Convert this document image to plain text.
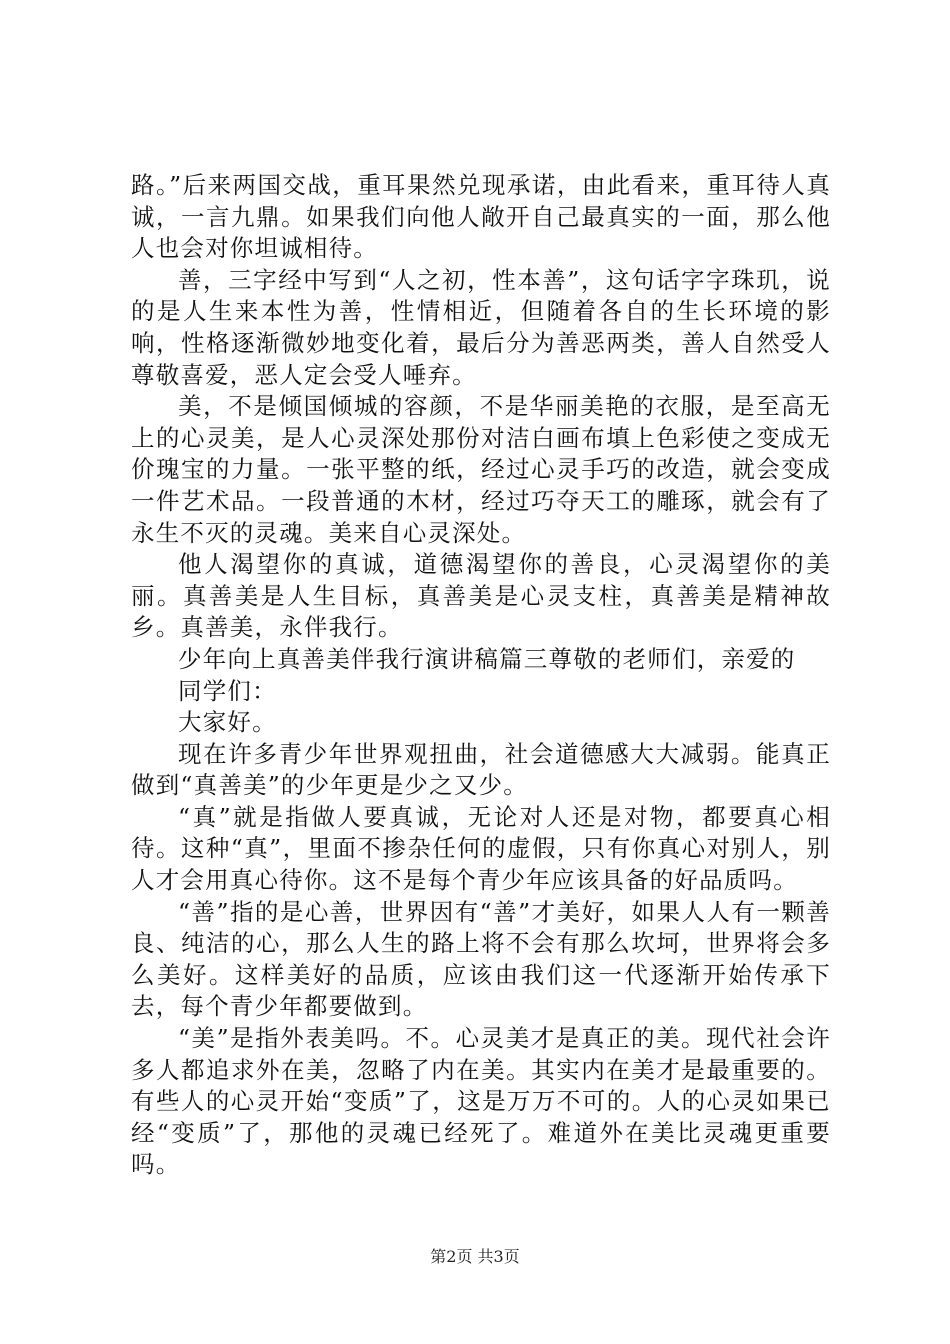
路。”后来两国交战，重耳果然兑现承诺，由此看来，重耳待人真诚，一言九鼎。如果我们向他人敞开自己最真实的一面，那么他人也会对你坦诚相待。

善，三字经中写到“人之初，性本善”，这句话字字珠玑，说的是人生来本性为善，性情相近，但随着各自的生长环境的影响，性格逐渐微妙地变化着，最后分为善恶两类，善人自然受人尊敬喜爱，恶人定会受人唾弃。

美，不是倾国倾城的容颜，不是华丽美艳的衣服，是至高无上的心灵美，是人心灵深处那份对洁白画布填上色彩使之变成无价瑰宝的力量。一张平整的纸，经过心灵手巧的改造，就会变成一件艺术品。一段普通的木材，经过巧夺天工的雕琢，就会有了永生不灭的灵魂。美来自心灵深处。

他人渴望你的真诚，道德渴望你的善良，心灵渴望你的美丽。真善美是人生目标，真善美是心灵支柱，真善美是精神故乡。真善美，永伴我行。

少年向上真善美伴我行演讲稿篇三尊敬的老师们，亲爱的

同学们：

大家好。

现在许多青少年世界观扭曲，社会道德感大大减弱。能真正做到“真善美”的少年更是少之又少。

“真”就是指做人要真诚，无论对人还是对物，都要真心相待。这种“真”，里面不掺杂任何的虚假，只有你真心对别人，别人才会用真心待你。这不是每个青少年应该具备的好品质吗。

“善”指的是心善，世界因有“善”才美好，如果人人有一颗善良、纯洁的心，那么人生的路上将不会有那么坎坷，世界将会多么美好。这样美好的品质，应该由我们这一代逐渐开始传承下去，每个青少年都要做到。

“美”是指外表美吗。不。心灵美才是真正的美。现代社会许多人都追求外在美，忽略了内在美。其实内在美才是最重要的。有些人的心灵开始“变质”了，这是万万不可的。人的心灵如果已经“变质”了，那他的灵魂已经死了。难道外在美比灵魂更重要吗。

第2页 共3页
